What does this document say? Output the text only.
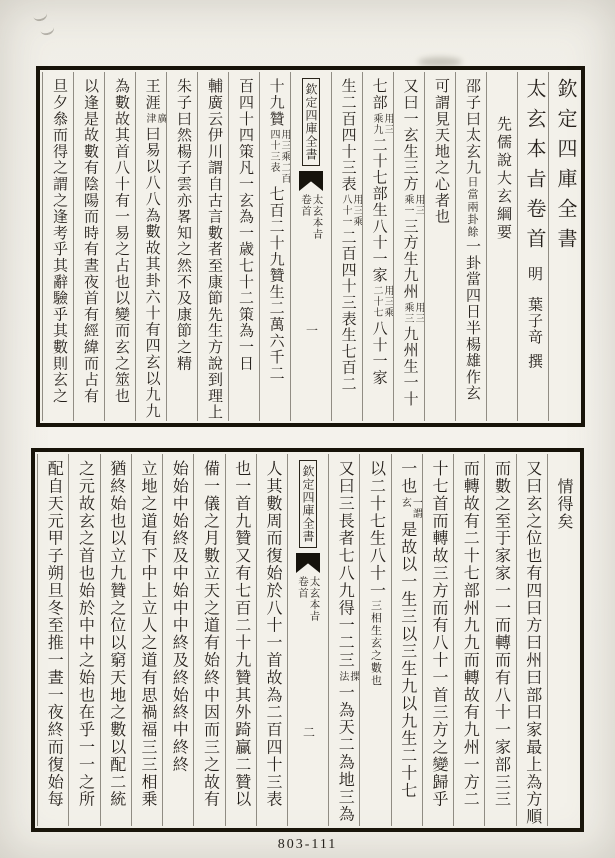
欽定四庫全書
太玄本㫖卷首明葉子竒撰
先儒說大玄綱要
邵子曰太玄九日當兩卦餘一卦當四日半楊雄作玄
可謂見天地之心者也
又曰一玄生三方
用三
乘一
三方生九州
用三
乘三
九州生一十
七部
用三
乘九
二十七部生八十一家
用三乘
二十七
八十一家
生二百四十三表
用三乘
八十一
二百四十三表生七百二
欽定四庫全書
太玄本㫖
卷首
一
十九贊
用三乘二百
四十三表
七百二十九贊生二萬六千二
百四十四策凡一玄為一歳七十二策為一日
輔廣云伊川謂自古言數者至康節先生方說到理上
朱子曰然楊子雲亦畧知之然不及康節之精
王涯
廣
津
曰易以八八為數故其卦六十有四玄以九九
為數故其首八十有一易之占也以變而玄之筮也
以逢是故數有陰陽而時有晝夜首有經緯而占有
旦夕叅而得之謂之逢考乎其辭驗乎其數則玄之
情得矣
又曰玄之位也有四曰方曰州曰部曰家最上為方順
而數之至于家家一一而轉而有八十一家部三三
而轉故有二十七部州九九而轉故有九州一方二
十七首而轉故三方而有八十一首三方之變歸乎
一也
一謂
玄
是故以一生三以三生九以九生二十七
以二十七生八十一三相生玄之數也
又曰三長者七八九得一二三
揲
法
一為天二為地三為
欽定四庫全書
太玄本㫖
卷首
二
人其數周而復始於八十一首故為二百四十三表
也一首九贊又有七百二十九贊其外踦贏二贊以
備一儀之月數立天之道有始終中因而三之故有
始始中始終及中始中中終及終始終中終終
立地之道有下中上立人之道有思禍福三三相乗
猶終始也以立九贊之位以窮天地之數以配二統
之元故玄之首也始於中中之始也在乎一一之所
配自天元甲子朔旦冬至推一晝一夜終而復始每
803-111
